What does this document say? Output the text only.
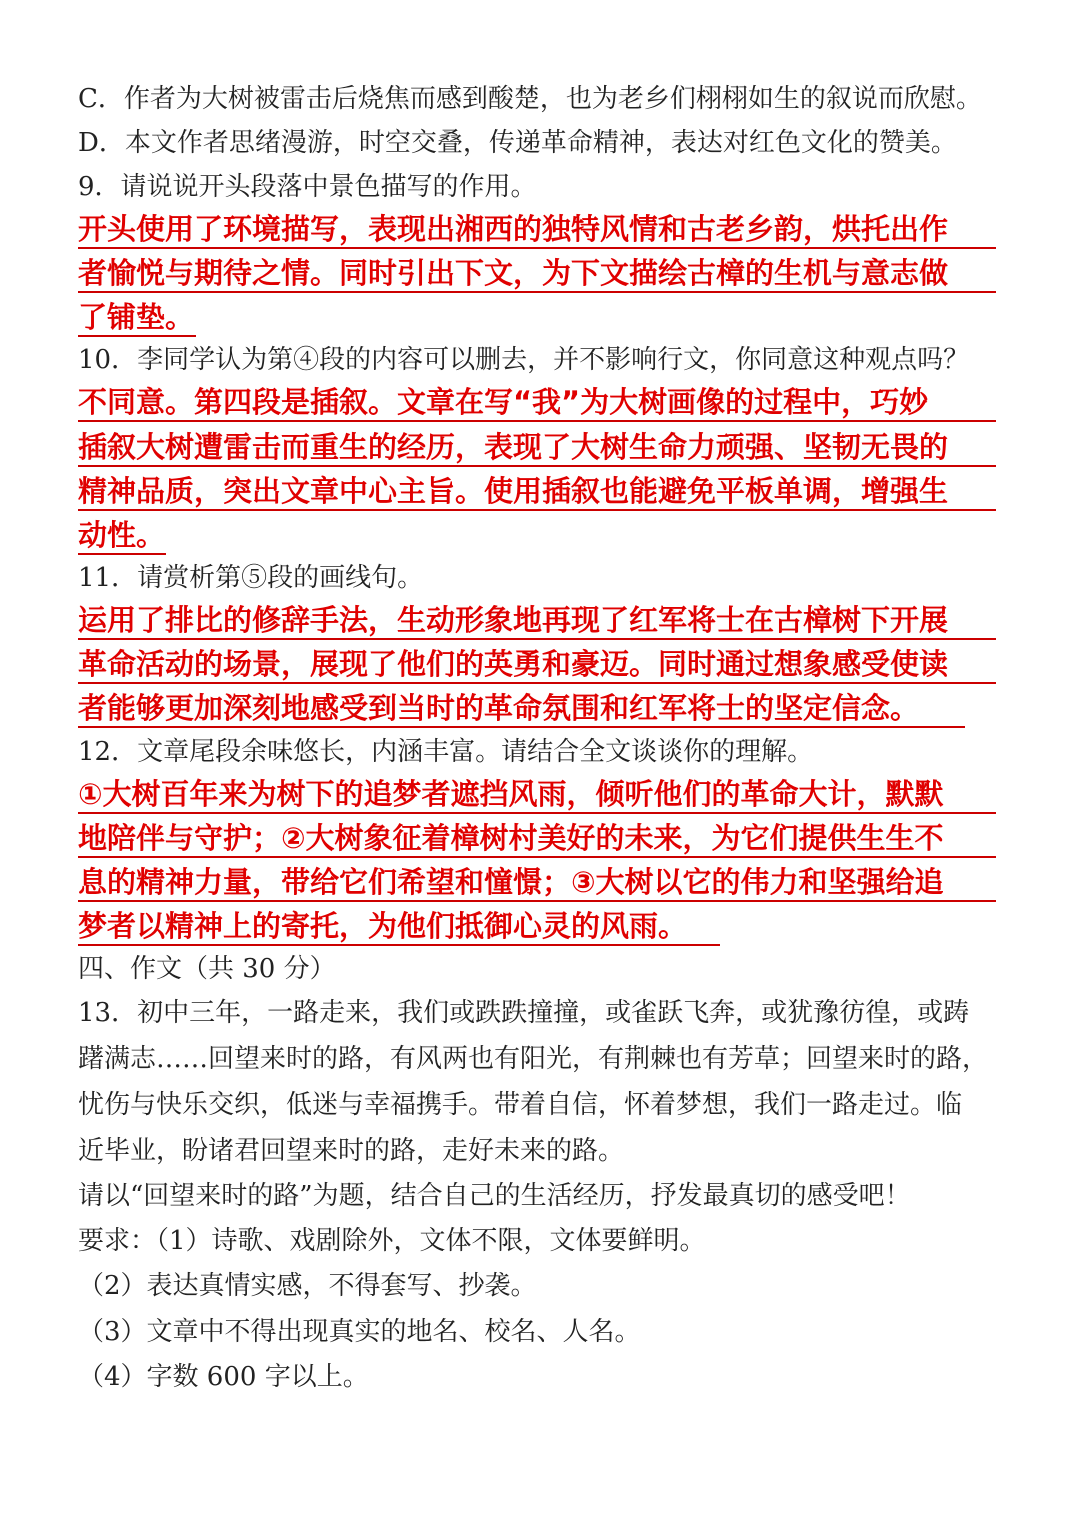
C．作者为大树被雷击后烧焦而感到酸楚，也为老乡们栩栩如生的叙说而欣慰。
D．本文作者思绪漫游，时空交叠，传递革命精神，表达对红色文化的赞美。
9．请说说开头段落中景色描写的作用。
开头使用了环境描写，表现出湘西的独特风情和古老乡韵，烘托出作
者愉悦与期待之情。同时引出下文，为下文描绘古樟的生机与意志做
了铺垫。
10．李同学认为第④段的内容可以删去，并不影响行文，你同意这种观点吗？
不同意。第四段是插叙。文章在写“我”为大树画像的过程中，巧妙
插叙大树遭雷击而重生的经历，表现了大树生命力顽强、坚韧无畏的
精神品质，突出文章中心主旨。使用插叙也能避免平板单调，增强生
动性。
11．请赏析第⑤段的画线句。
运用了排比的修辞手法，生动形象地再现了红军将士在古樟树下开展
革命活动的场景，展现了他们的英勇和豪迈。同时通过想象感受使读
者能够更加深刻地感受到当时的革命氛围和红军将士的坚定信念。
12．文章尾段余味悠长，内涵丰富。请结合全文谈谈你的理解。
①大树百年来为树下的追梦者遮挡风雨，倾听他们的革命大计，默默
地陪伴与守护；②大树象征着樟树村美好的未来，为它们提供生生不
息的精神力量，带给它们希望和憧憬；③大树以它的伟力和坚强给追
梦者以精神上的寄托，为他们抵御心灵的风雨。
四、作文（共 30 分）
13．初中三年，一路走来，我们或跌跌撞撞，或雀跃飞奔，或犹豫彷徨，或踌
躇满志……回望来时的路，有风两也有阳光，有荆棘也有芳草；回望来时的路，
忧伤与快乐交织，低迷与幸福携手。带着自信，怀着梦想，我们一路走过。临
近毕业，盼诸君回望来时的路，走好未来的路。
请以“回望来时的路”为题，结合自己的生活经历，抒发最真切的感受吧！
要求：（1）诗歌、戏剧除外，文体不限，文体要鲜明。
（2）表达真情实感，不得套写、抄袭。
（3）文章中不得出现真实的地名、校名、人名。
（4）字数 600 字以上。
